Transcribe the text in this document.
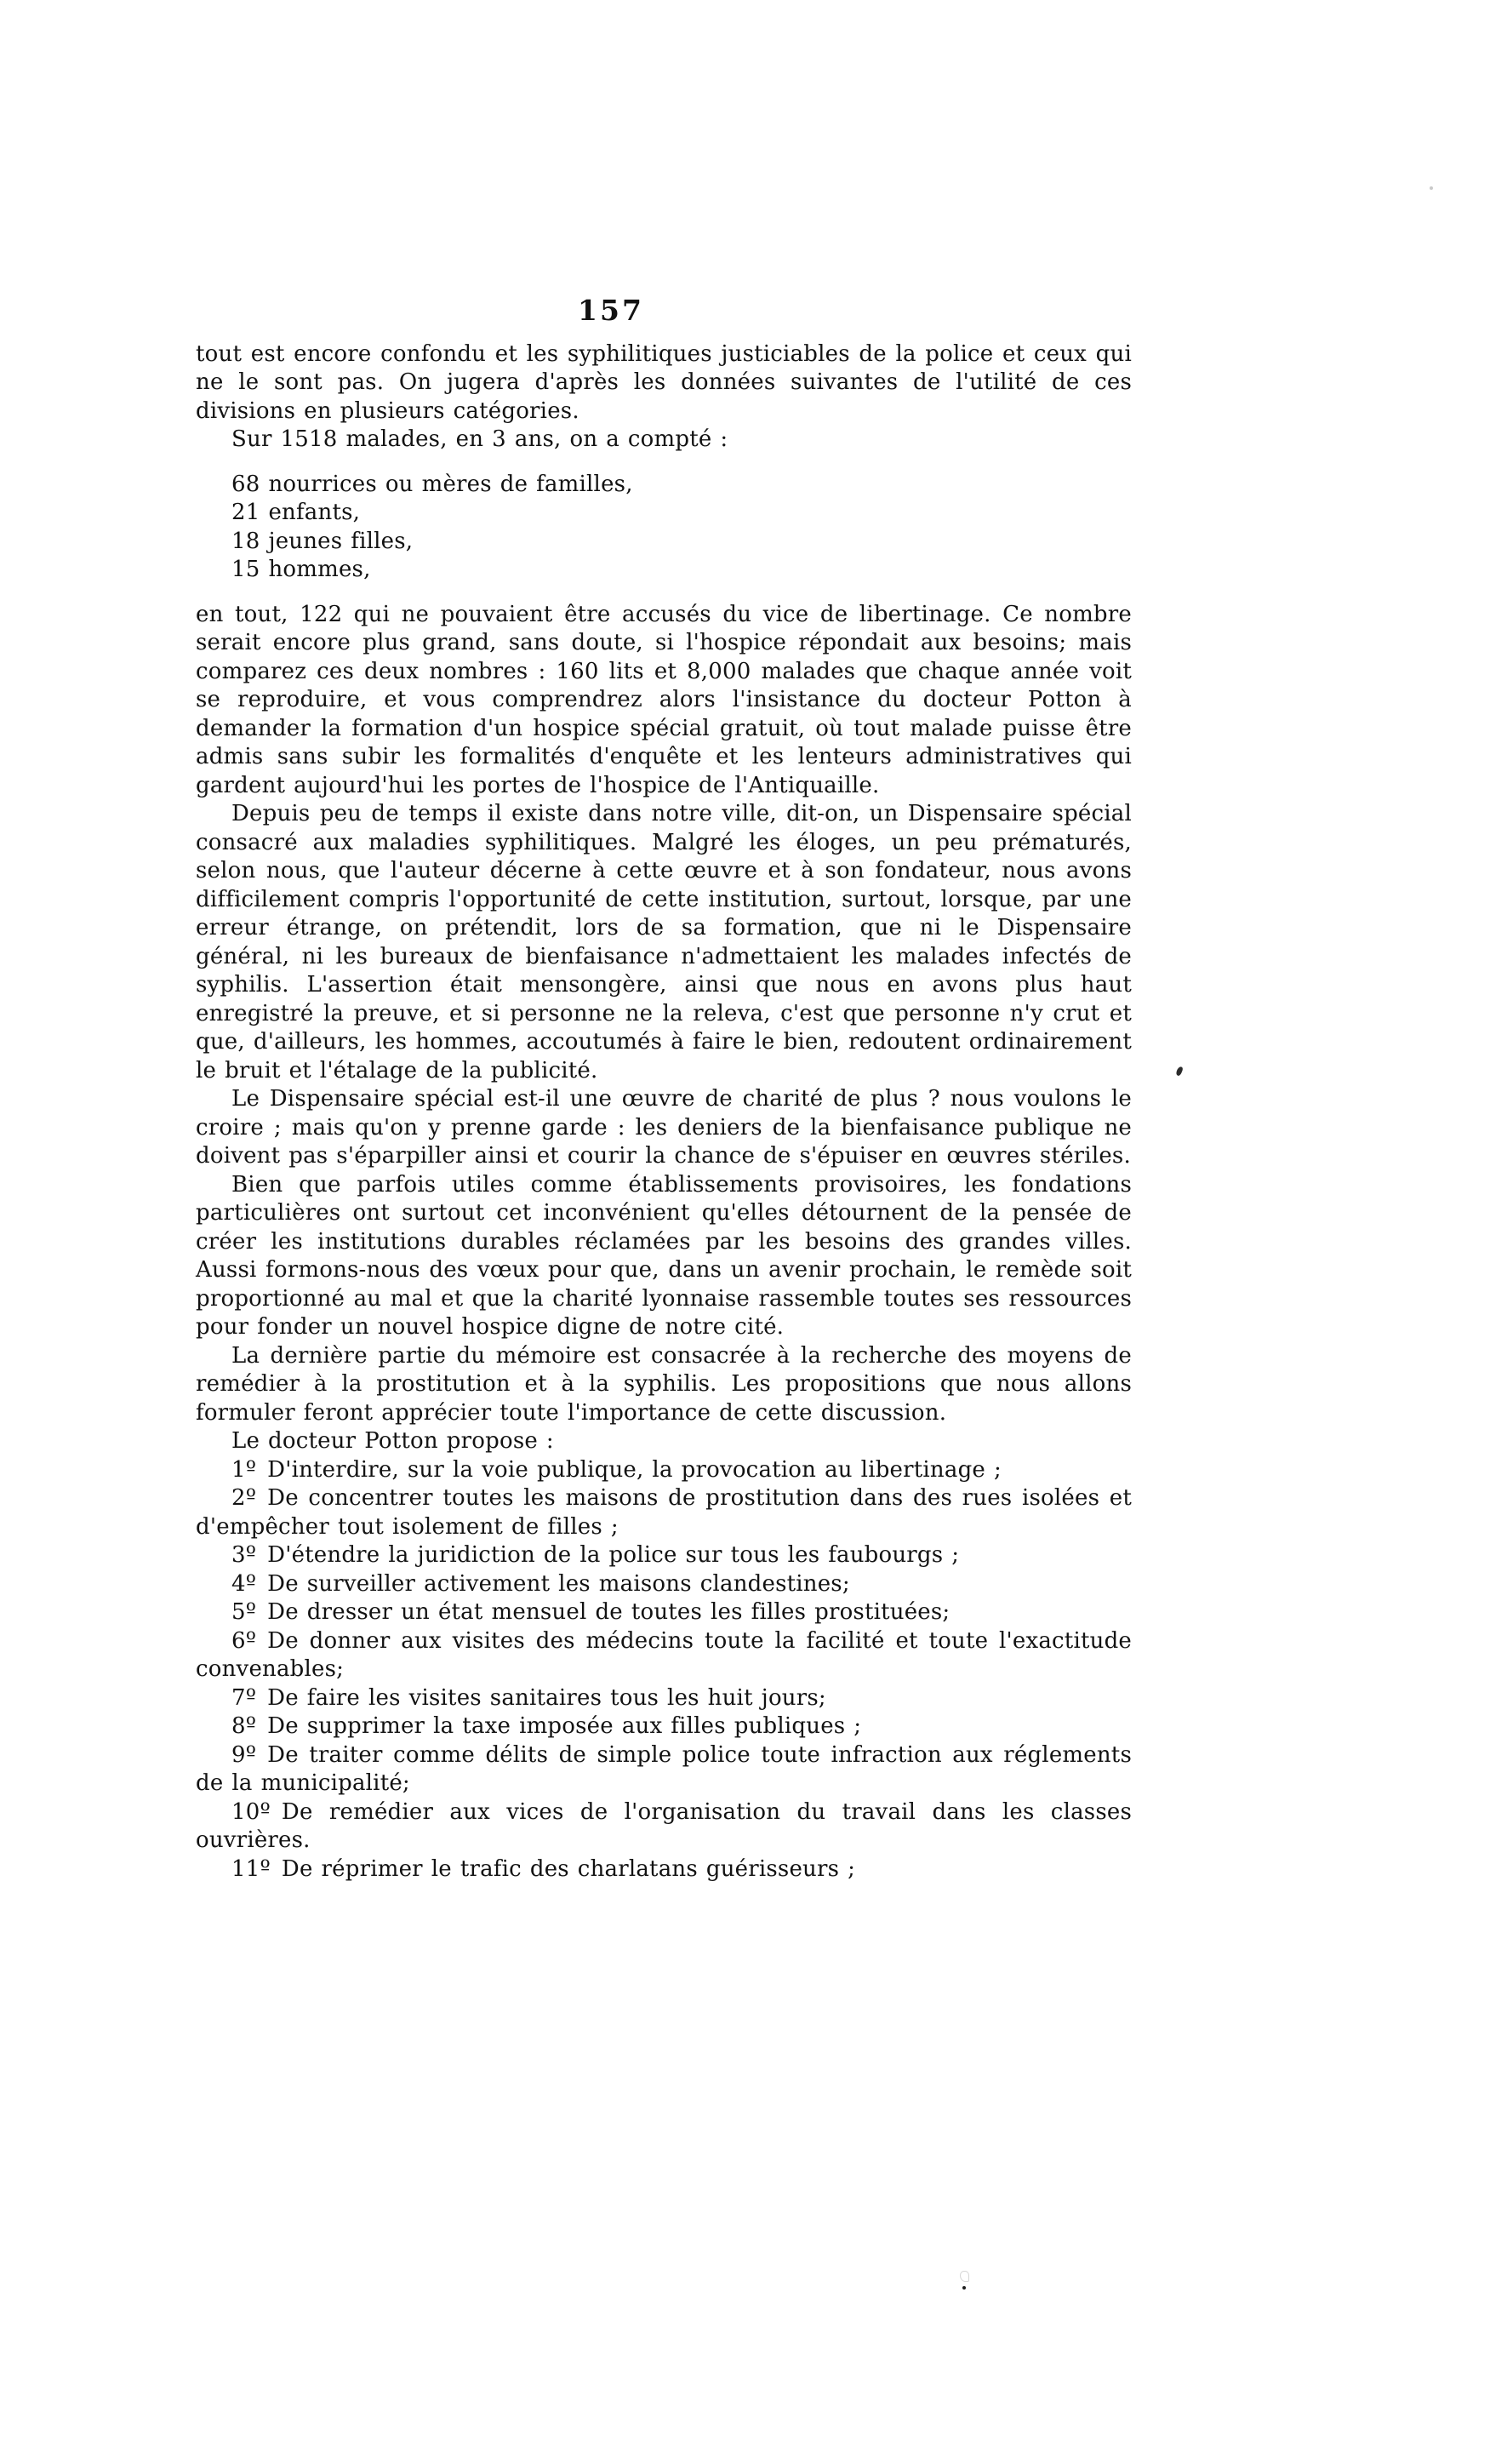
157

tout est encore confondu et les syphilitiques justiciables de la police et ceux qui ne le sont pas. On jugera d'après les données suivantes de l'utilité de ces divisions en plusieurs catégories.

Sur 1518 malades, en 3 ans, on a compté :

68 nourrices ou mères de familles,
21 enfants,
18 jeunes filles,
15 hommes,

en tout, 122 qui ne pouvaient être accusés du vice de libertinage. Ce nombre serait encore plus grand, sans doute, si l'hospice répondait aux besoins; mais comparez ces deux nombres : 160 lits et 8,000 malades que chaque année voit se reproduire, et vous comprendrez alors l'insistance du docteur Potton à demander la formation d'un hospice spécial gratuit, où tout malade puisse être admis sans subir les formalités d'enquête et les lenteurs administratives qui gardent aujourd'hui les portes de l'hospice de l'Antiquaille.

Depuis peu de temps il existe dans notre ville, dit-on, un Dispensaire spécial consacré aux maladies syphilitiques. Malgré les éloges, un peu prématurés, selon nous, que l'auteur décerne à cette œuvre et à son fondateur, nous avons difficilement compris l'opportunité de cette institution, surtout, lorsque, par une erreur étrange, on prétendit, lors de sa formation, que ni le Dispensaire général, ni les bureaux de bienfaisance n'admettaient les malades infectés de syphilis. L'assertion était mensongère, ainsi que nous en avons plus haut enregistré la preuve, et si personne ne la releva, c'est que personne n'y crut et que, d'ailleurs, les hommes, accoutumés à faire le bien, redoutent ordinairement le bruit et l'étalage de la publicité.

Le Dispensaire spécial est-il une œuvre de charité de plus ? nous voulons le croire ; mais qu'on y prenne garde : les deniers de la bienfaisance publique ne doivent pas s'éparpiller ainsi et courir la chance de s'épuiser en œuvres stériles.

Bien que parfois utiles comme établissements provisoires, les fondations particulières ont surtout cet inconvénient qu'elles détournent de la pensée de créer les institutions durables réclamées par les besoins des grandes villes. Aussi formons-nous des vœux pour que, dans un avenir prochain, le remède soit proportionné au mal et que la charité lyonnaise rassemble toutes ses ressources pour fonder un nouvel hospice digne de notre cité.

La dernière partie du mémoire est consacrée à la recherche des moyens de remédier à la prostitution et à la syphilis. Les propositions que nous allons formuler feront apprécier toute l'importance de cette discussion.

Le docteur Potton propose :

1º D'interdire, sur la voie publique, la provocation au libertinage ;

2º De concentrer toutes les maisons de prostitution dans des rues isolées et d'empêcher tout isolement de filles ;

3º D'étendre la juridiction de la police sur tous les faubourgs ;

4º De surveiller activement les maisons clandestines;

5º De dresser un état mensuel de toutes les filles prostituées;

6º De donner aux visites des médecins toute la facilité et toute l'exactitude convenables;

7º De faire les visites sanitaires tous les huit jours;

8º De supprimer la taxe imposée aux filles publiques ;

9º De traiter comme délits de simple police toute infraction aux réglements de la municipalité;

10º De remédier aux vices de l'organisation du travail dans les classes ouvrières.

11º De réprimer le trafic des charlatans guérisseurs ;
